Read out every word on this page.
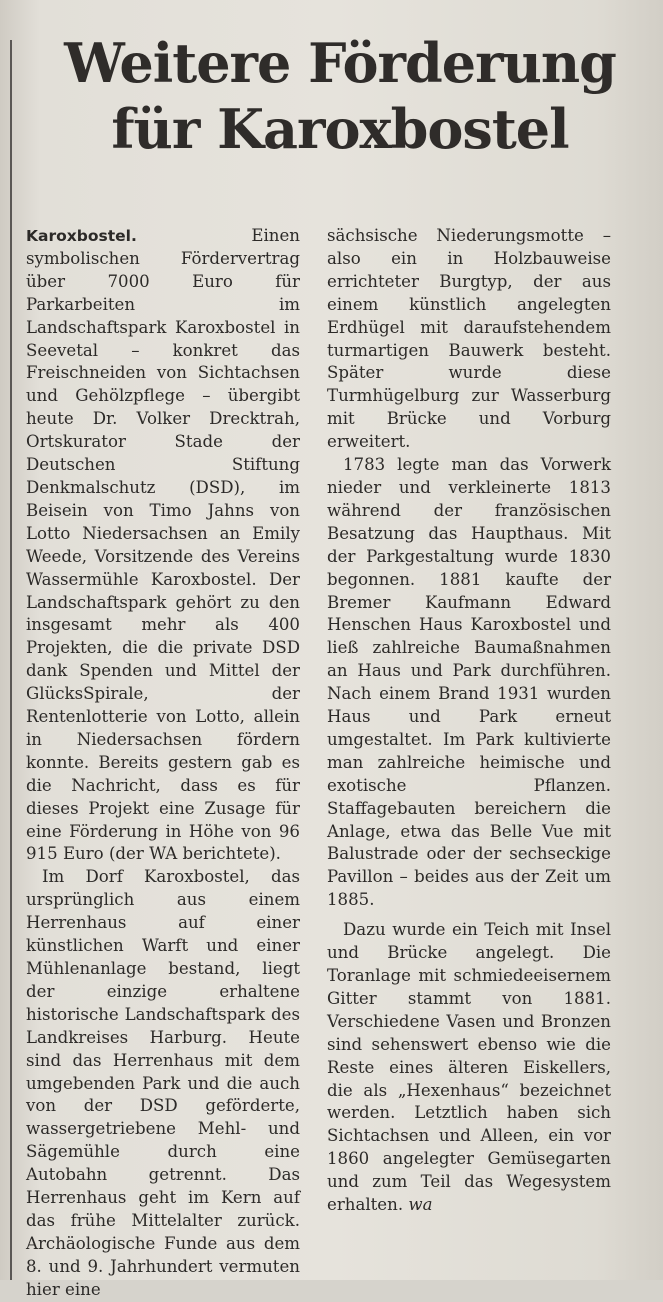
Weitere Förderung
für Karoxbostel

Karoxbostel.	Einen symbolischen Fördervertrag über 7000 Euro für Parkarbeiten im Landschaftspark Karoxbostel in Seevetal – konkret das Freischneiden von Sichtachsen und Gehölzpflege – übergibt heute Dr. Volker Drecktrah, Ortskurator Stade der Deutschen Stiftung Denkmalschutz (DSD), im Beisein von Timo Jahns von Lotto Niedersachsen an Emily Weede, Vorsitzende des Vereins Wassermühle Karoxbostel. Der Landschaftspark gehört zu den insgesamt mehr als 400 Projekten, die die private DSD dank Spenden und Mittel der GlücksSpirale, der Rentenlotterie von Lotto, allein in Niedersachsen fördern konnte. Bereits gestern gab es die Nachricht, dass es für dieses Projekt eine Zusage für eine Förderung in Höhe von 96 915 Euro (der WA berichtete).

Im Dorf Karoxbostel, das ursprünglich aus einem Herrenhaus auf einer künstlichen Warft und einer Mühlenanlage bestand, liegt der einzige erhaltene historische Landschaftspark des Landkreises Harburg. Heute sind das Herrenhaus mit dem umgebenden Park und die auch von der DSD geförderte, wassergetriebene Mehl- und Sägemühle durch eine Autobahn getrennt. Das Herrenhaus geht im Kern auf das frühe Mittelalter zurück. Archäologische Funde aus dem 8. und 9. Jahrhundert vermuten hier eine

sächsische Niederungsmotte – also ein in Holzbauweise errichteter Burgtyp, der aus einem künstlich angelegten Erdhügel mit daraufstehendem turmartigen Bauwerk besteht. Später wurde diese Turmhügelburg zur Wasserburg mit Brücke und Vorburg erweitert.

1783 legte man das Vorwerk nieder und verkleinerte 1813 während der französischen Besatzung das Haupthaus. Mit der Parkgestaltung wurde 1830 begonnen. 1881 kaufte der Bremer Kaufmann Edward Henschen Haus Karoxbostel und ließ zahlreiche Baumaßnahmen an Haus und Park durchführen. Nach einem Brand 1931 wurden Haus und Park erneut umgestaltet. Im Park kultivierte man zahlreiche heimische und exotische Pflanzen. Staffagebauten bereichern die Anlage, etwa das Belle Vue mit Balustrade oder der sechseckige Pavillon – beides aus der Zeit um 1885.

Dazu wurde ein Teich mit Insel und Brücke angelegt. Die Toranlage mit schmiedeeisernem Gitter stammt von 1881. Verschiedene Vasen und Bronzen sind sehenswert ebenso wie die Reste eines älteren Eiskellers, die als „Hexenhaus“ bezeichnet werden. Letztlich haben sich Sichtachsen und Alleen, ein vor 1860 angelegter Gemüsegarten und zum Teil das Wegesystem erhalten. wa
